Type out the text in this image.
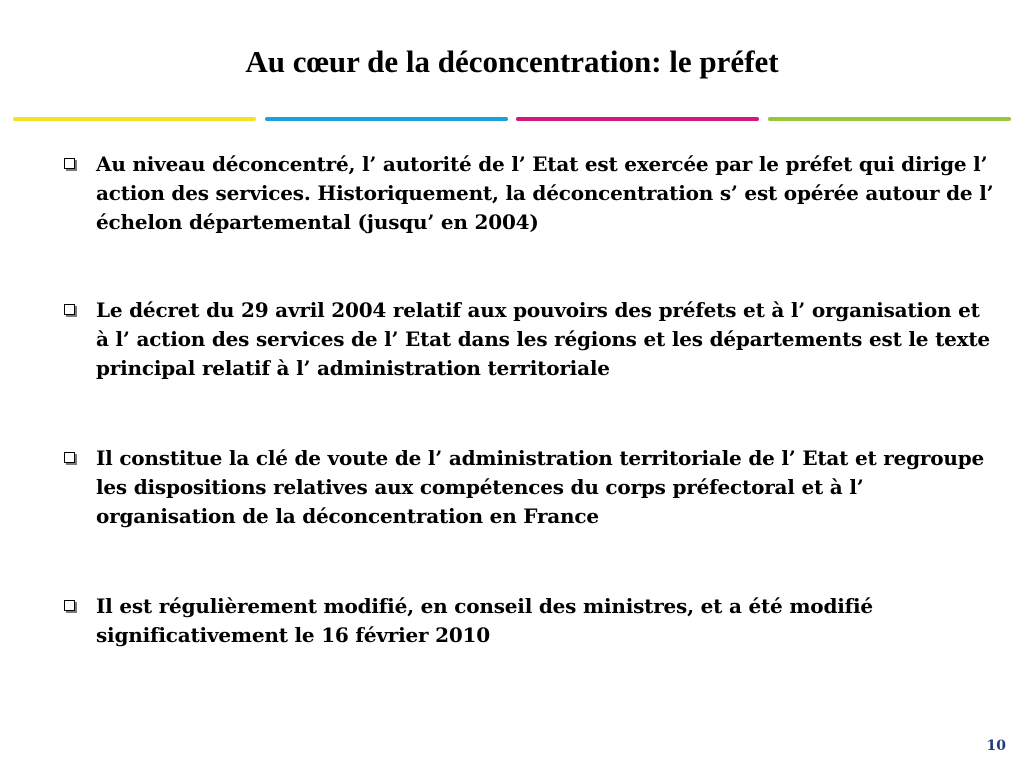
Au cœur de la déconcentration: le préfet

Au niveau déconcentré, l’ autorité de l’ Etat est exercée par le préfet qui dirige l’ action des services. Historiquement, la déconcentration s’ est opérée autour de l’ échelon départemental (jusqu’ en 2004)

Le décret du 29 avril 2004 relatif aux pouvoirs des préfets et à l’ organisation et à l’ action des services de l’ Etat dans les régions et les départements est le texte principal relatif à l’ administration territoriale

Il constitue la clé de voute de l’ administration territoriale de l’ Etat et regroupe les dispositions relatives aux compétences du corps préfectoral et à l’ organisation de la déconcentration en France

Il est régulièrement modifié, en conseil des ministres, et a été modifié significativement le 16 février 2010

10
